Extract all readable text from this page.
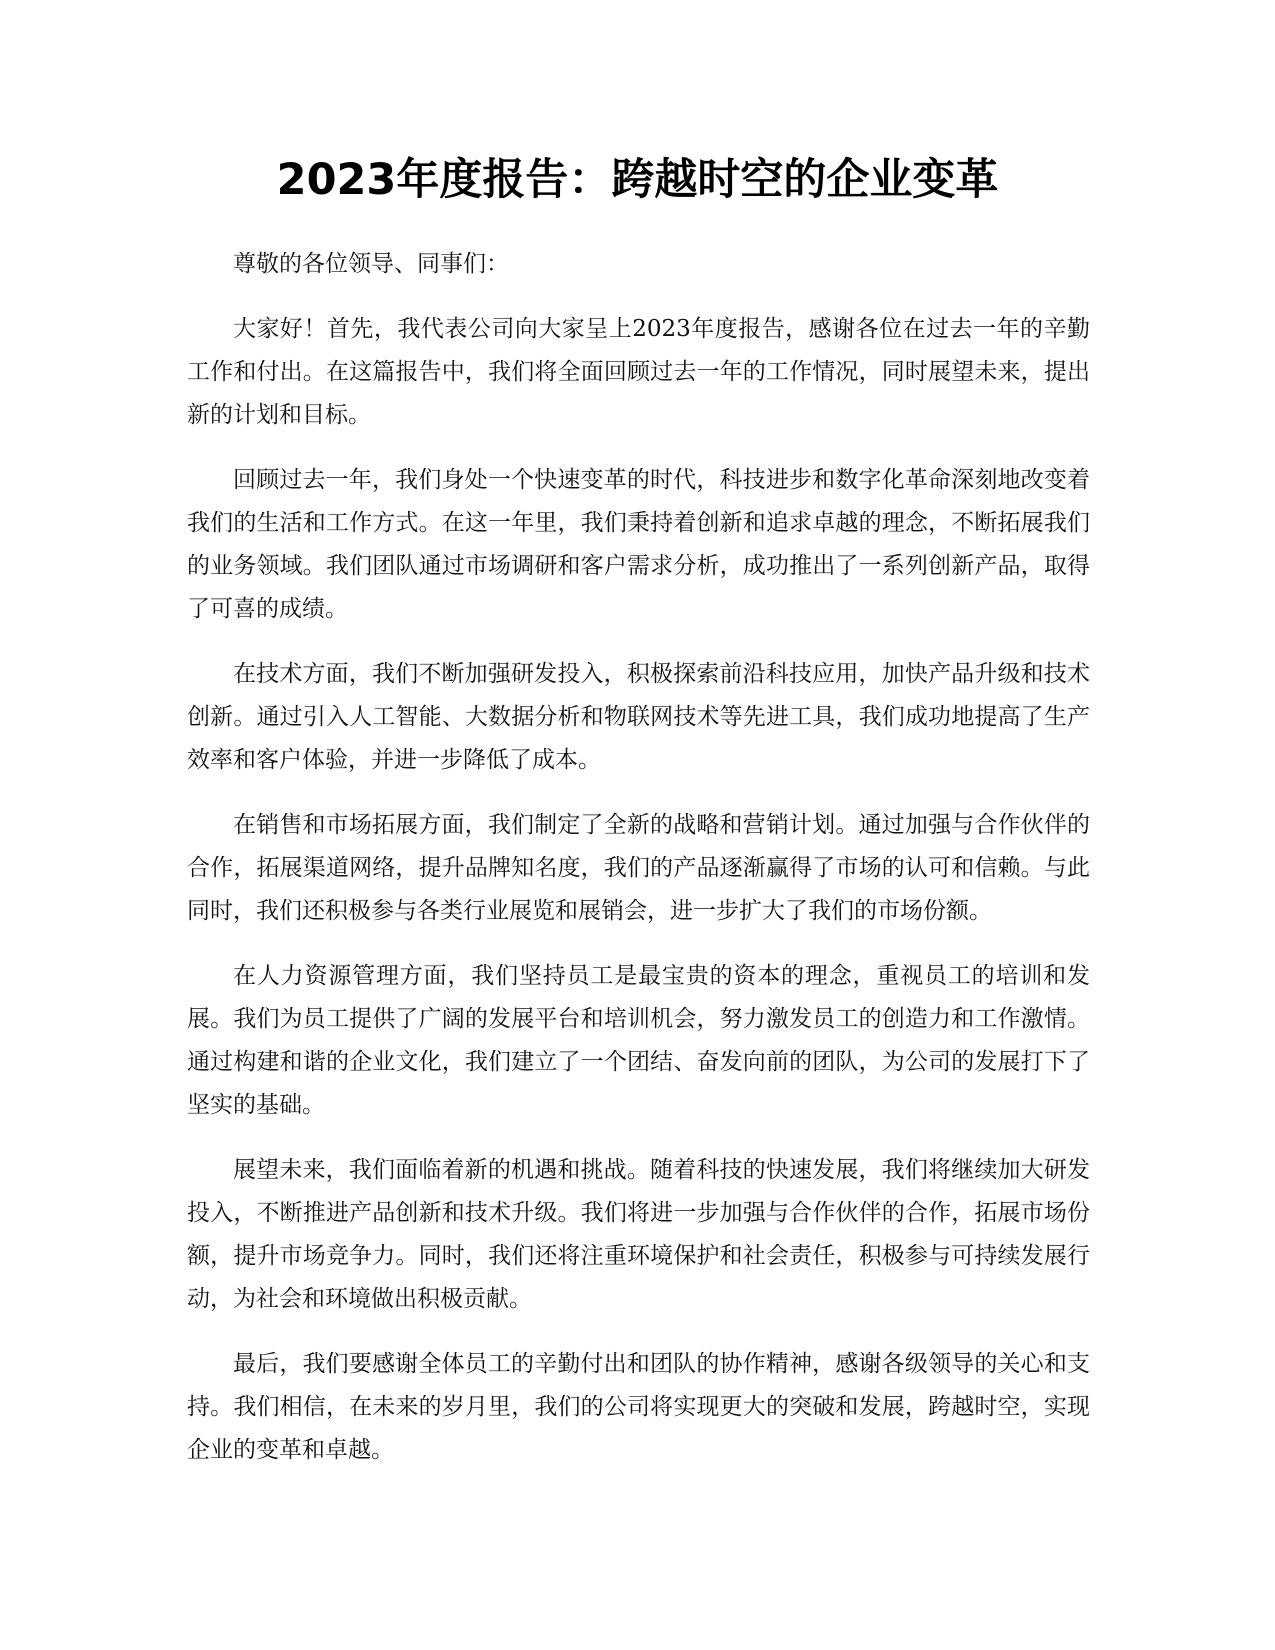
2023年度报告：跨越时空的企业变革

尊敬的各位领导、同事们：

大家好！首先，我代表公司向大家呈上2023年度报告，感谢各位在过去一年的辛勤工作和付出。在这篇报告中，我们将全面回顾过去一年的工作情况，同时展望未来，提出新的计划和目标。

回顾过去一年，我们身处一个快速变革的时代，科技进步和数字化革命深刻地改变着我们的生活和工作方式。在这一年里，我们秉持着创新和追求卓越的理念，不断拓展我们的业务领域。我们团队通过市场调研和客户需求分析，成功推出了一系列创新产品，取得了可喜的成绩。

在技术方面，我们不断加强研发投入，积极探索前沿科技应用，加快产品升级和技术创新。通过引入人工智能、大数据分析和物联网技术等先进工具，我们成功地提高了生产效率和客户体验，并进一步降低了成本。

在销售和市场拓展方面，我们制定了全新的战略和营销计划。通过加强与合作伙伴的合作，拓展渠道网络，提升品牌知名度，我们的产品逐渐赢得了市场的认可和信赖。与此同时，我们还积极参与各类行业展览和展销会，进一步扩大了我们的市场份额。

在人力资源管理方面，我们坚持员工是最宝贵的资本的理念，重视员工的培训和发展。我们为员工提供了广阔的发展平台和培训机会，努力激发员工的创造力和工作激情。通过构建和谐的企业文化，我们建立了一个团结、奋发向前的团队，为公司的发展打下了坚实的基础。

展望未来，我们面临着新的机遇和挑战。随着科技的快速发展，我们将继续加大研发投入，不断推进产品创新和技术升级。我们将进一步加强与合作伙伴的合作，拓展市场份额，提升市场竞争力。同时，我们还将注重环境保护和社会责任，积极参与可持续发展行动，为社会和环境做出积极贡献。

最后，我们要感谢全体员工的辛勤付出和团队的协作精神，感谢各级领导的关心和支持。我们相信，在未来的岁月里，我们的公司将实现更大的突破和发展，跨越时空，实现企业的变革和卓越。
